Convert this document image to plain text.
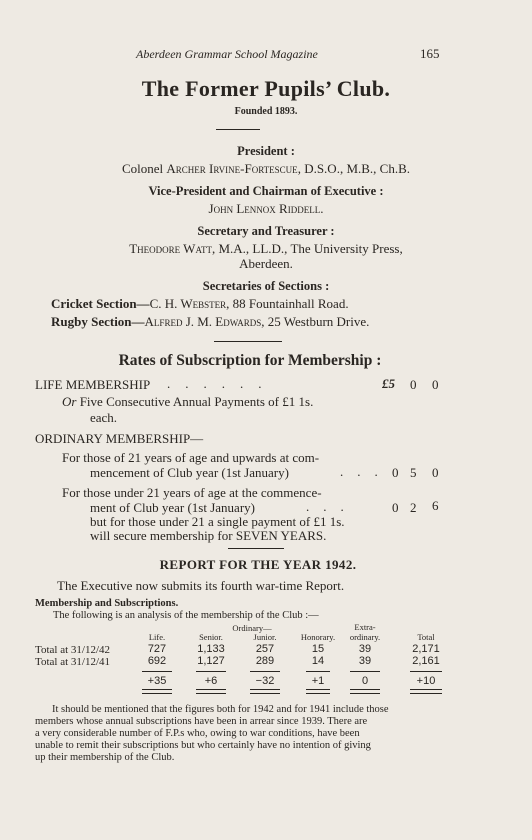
Aberdeen Grammar School Magazine	165
The Former Pupils’ Club.
Founded 1893.
President :
Colonel Archer Irvine-Fortescue, D.S.O., M.B., Ch.B.
Vice-President and Chairman of Executive :
John Lennox Riddell.
Secretary and Treasurer :
Theodore Watt, M.A., LL.D., The University Press,
Aberdeen.
Secretaries of Sections :
Cricket Section—C. H. Webster, 88 Fountainhall Road.
Rugby Section—Alfred J. M. Edwards, 25 Westburn Drive.
Rates of Subscription for Membership :
LIFE MEMBERSHIP ......	£5 0 0
Or Five Consecutive Annual Payments of £1 1s.
each.
ORDINARY MEMBERSHIP—
For those of 21 years of age and upwards at com-
mencement of Club year (1st January)	... 0 5 0
For those under 21 years of age at the commence-
ment of Club year (1st January)	...	0 2 6
but for those under 21 a single payment of £1 1s.
will secure membership for SEVEN YEARS.
REPORT FOR THE YEAR 1942.
The Executive now submits its fourth war-time Report.
Membership and Subscriptions.
The following is an analysis of the membership of the Club :—
Ordinary—	Extra-
Life.	Senior.	Junior.	Honorary.	ordinary.	Total
Total at 31/12/42	727	1,133	257	15	39	2,171
Total at 31/12/41	692	1,127	289	14	39	2,161
+35	+6	−32	+1	0	+10
It should be mentioned that the figures both for 1942 and for 1941 include those
members whose annual subscriptions have been in arrear since 1939. There are
a very considerable number of F.P.s who, owing to war conditions, have been
unable to remit their subscriptions but who certainly have no intention of giving
up their membership of the Club.
